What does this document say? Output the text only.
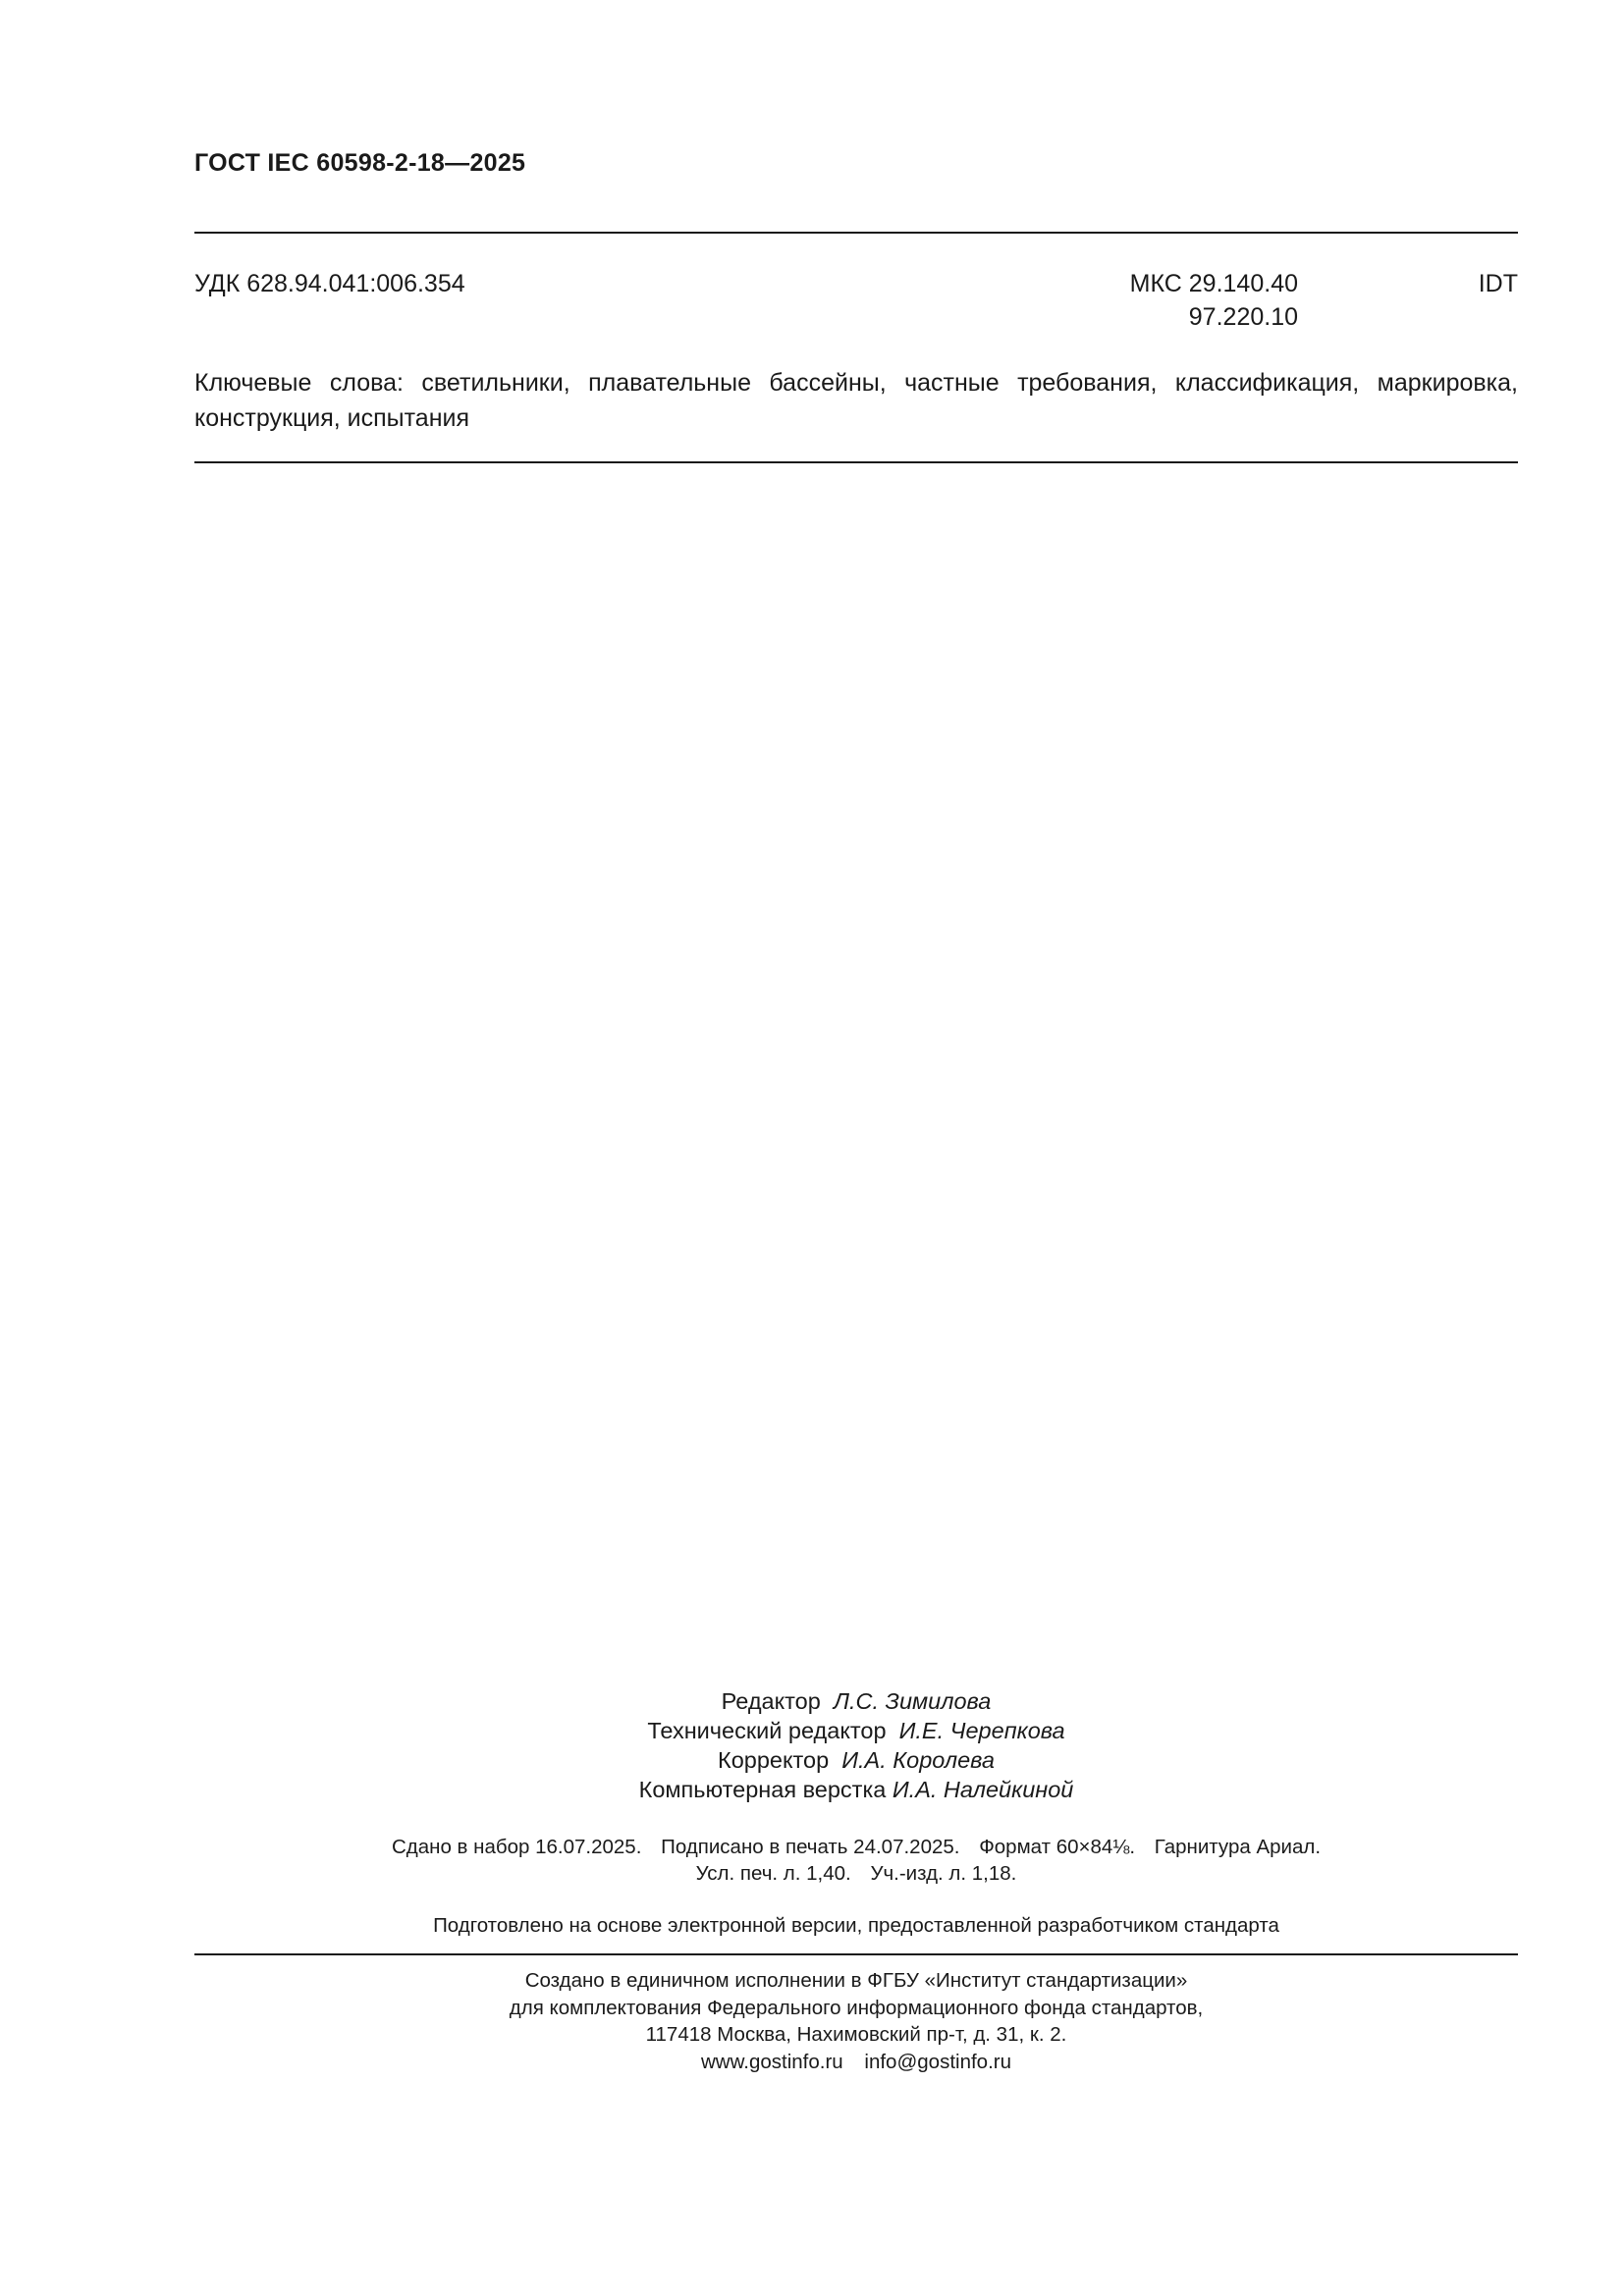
ГОСТ IEC 60598-2-18—2025
УДК 628.94.041:006.354	МКС 29.140.40
97.220.10
IDT
Ключевые слова: светильники, плавательные бассейны, частные требования, классификация, маркировка, конструкция, испытания
Редактор Л.С. Зимилова
Технический редактор И.Е. Черепкова
Корректор И.А. Королева
Компьютерная верстка И.А. Налейкиной
Сдано в набор 16.07.2025. Подписано в печать 24.07.2025. Формат 60×84⅛. Гарнитура Ариал.
Усл. печ. л. 1,40. Уч.-изд. л. 1,18.
Подготовлено на основе электронной версии, предоставленной разработчиком стандарта
Создано в единичном исполнении в ФГБУ «Институт стандартизации»
для комплектования Федерального информационного фонда стандартов,
117418 Москва, Нахимовский пр-т, д. 31, к. 2.
www.gostinfo.ru info@gostinfo.ru
